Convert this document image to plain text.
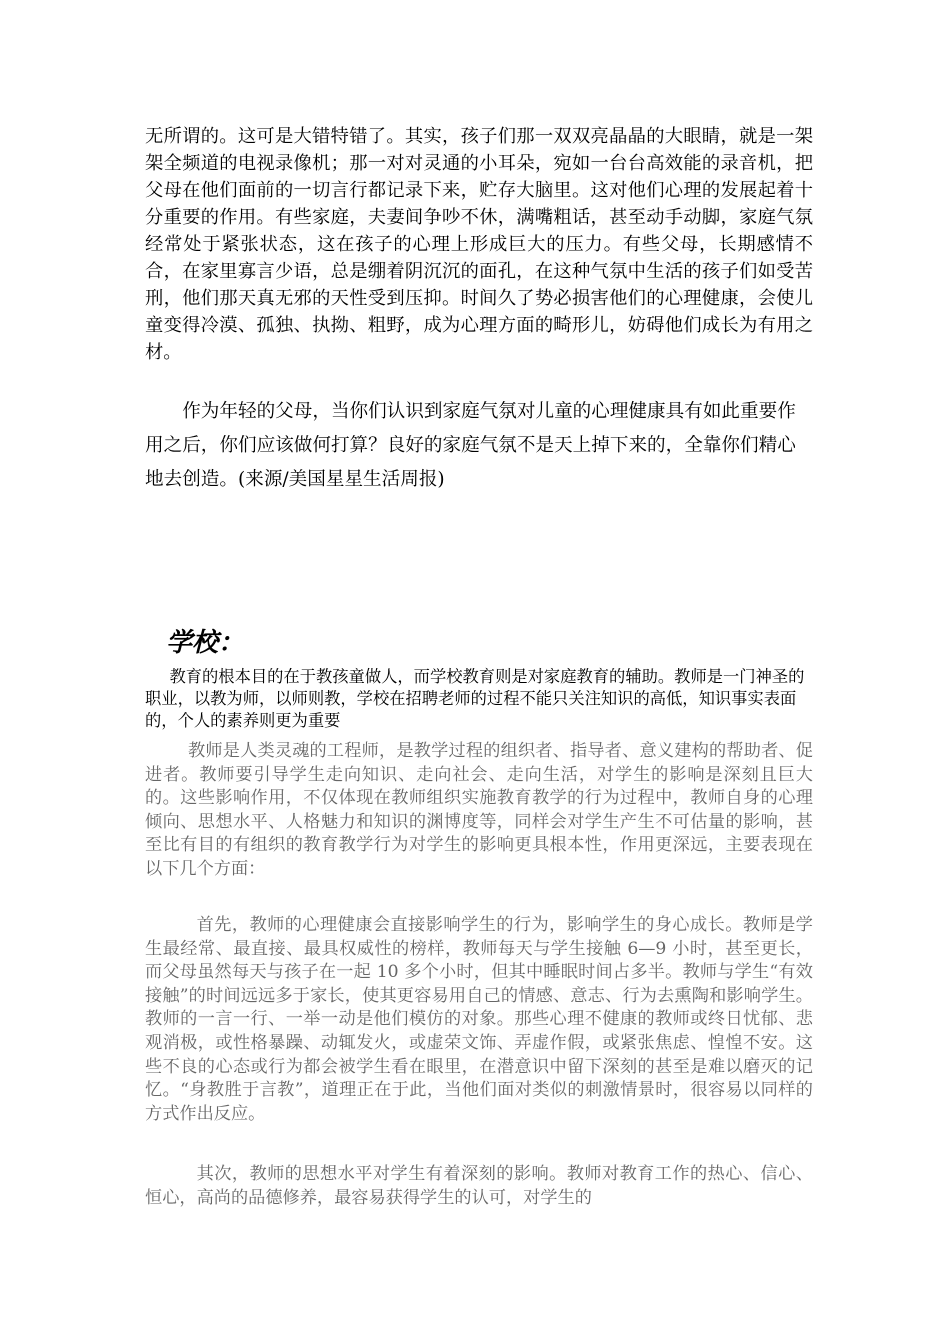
无所谓的。这可是大错特错了。其实，孩子们那一双双亮晶晶的大眼睛，就是一架架全频道的电视录像机；那一对对灵通的小耳朵，宛如一台台高效能的录音机，把父母在他们面前的一切言行都记录下来，贮存大脑里。这对他们心理的发展起着十分重要的作用。有些家庭，夫妻间争吵不休，满嘴粗话，甚至动手动脚，家庭气氛经常处于紧张状态，这在孩子的心理上形成巨大的压力。有些父母，长期感情不合，在家里寡言少语，总是绷着阴沉沉的面孔，在这种气氛中生活的孩子们如受苦刑，他们那天真无邪的天性受到压抑。时间久了势必损害他们的心理健康，会使儿童变得冷漠、孤独、执拗、粗野，成为心理方面的畸形儿，妨碍他们成长为有用之材。

作为年轻的父母，当你们认识到家庭气氛对儿童的心理健康具有如此重要作用之后，你们应该做何打算？良好的家庭气氛不是天上掉下来的，全靠你们精心地去创造。(来源/美国星星生活周报)

学校：

教育的根本目的在于教孩童做人，而学校教育则是对家庭教育的辅助。教师是一门神圣的职业，以教为师，以师则教，学校在招聘老师的过程不能只关注知识的高低，知识事实表面的，个人的素养则更为重要

教师是人类灵魂的工程师，是教学过程的组织者、指导者、意义建构的帮助者、促进者。教师要引导学生走向知识、走向社会、走向生活，对学生的影响是深刻且巨大的。这些影响作用，不仅体现在教师组织实施教育教学的行为过程中，教师自身的心理倾向、思想水平、人格魅力和知识的渊博度等，同样会对学生产生不可估量的影响，甚至比有目的有组织的教育教学行为对学生的影响更具根本性，作用更深远，主要表现在以下几个方面：

首先，教师的心理健康会直接影响学生的行为，影响学生的身心成长。教师是学生最经常、最直接、最具权威性的榜样，教师每天与学生接触 6—9 小时，甚至更长，而父母虽然每天与孩子在一起 10 多个小时，但其中睡眠时间占多半。教师与学生“有效接触”的时间远远多于家长，使其更容易用自己的情感、意志、行为去熏陶和影响学生。教师的一言一行、一举一动是他们模仿的对象。那些心理不健康的教师或终日忧郁、悲观消极，或性格暴躁、动辄发火，或虚荣文饰、弄虚作假，或紧张焦虑、惶惶不安。这些不良的心态或行为都会被学生看在眼里，在潜意识中留下深刻的甚至是难以磨灭的记忆。“身教胜于言教”，道理正在于此，当他们面对类似的刺激情景时，很容易以同样的方式作出反应。

其次，教师的思想水平对学生有着深刻的影响。教师对教育工作的热心、信心、恒心，高尚的品德修养，最容易获得学生的认可，对学生的
